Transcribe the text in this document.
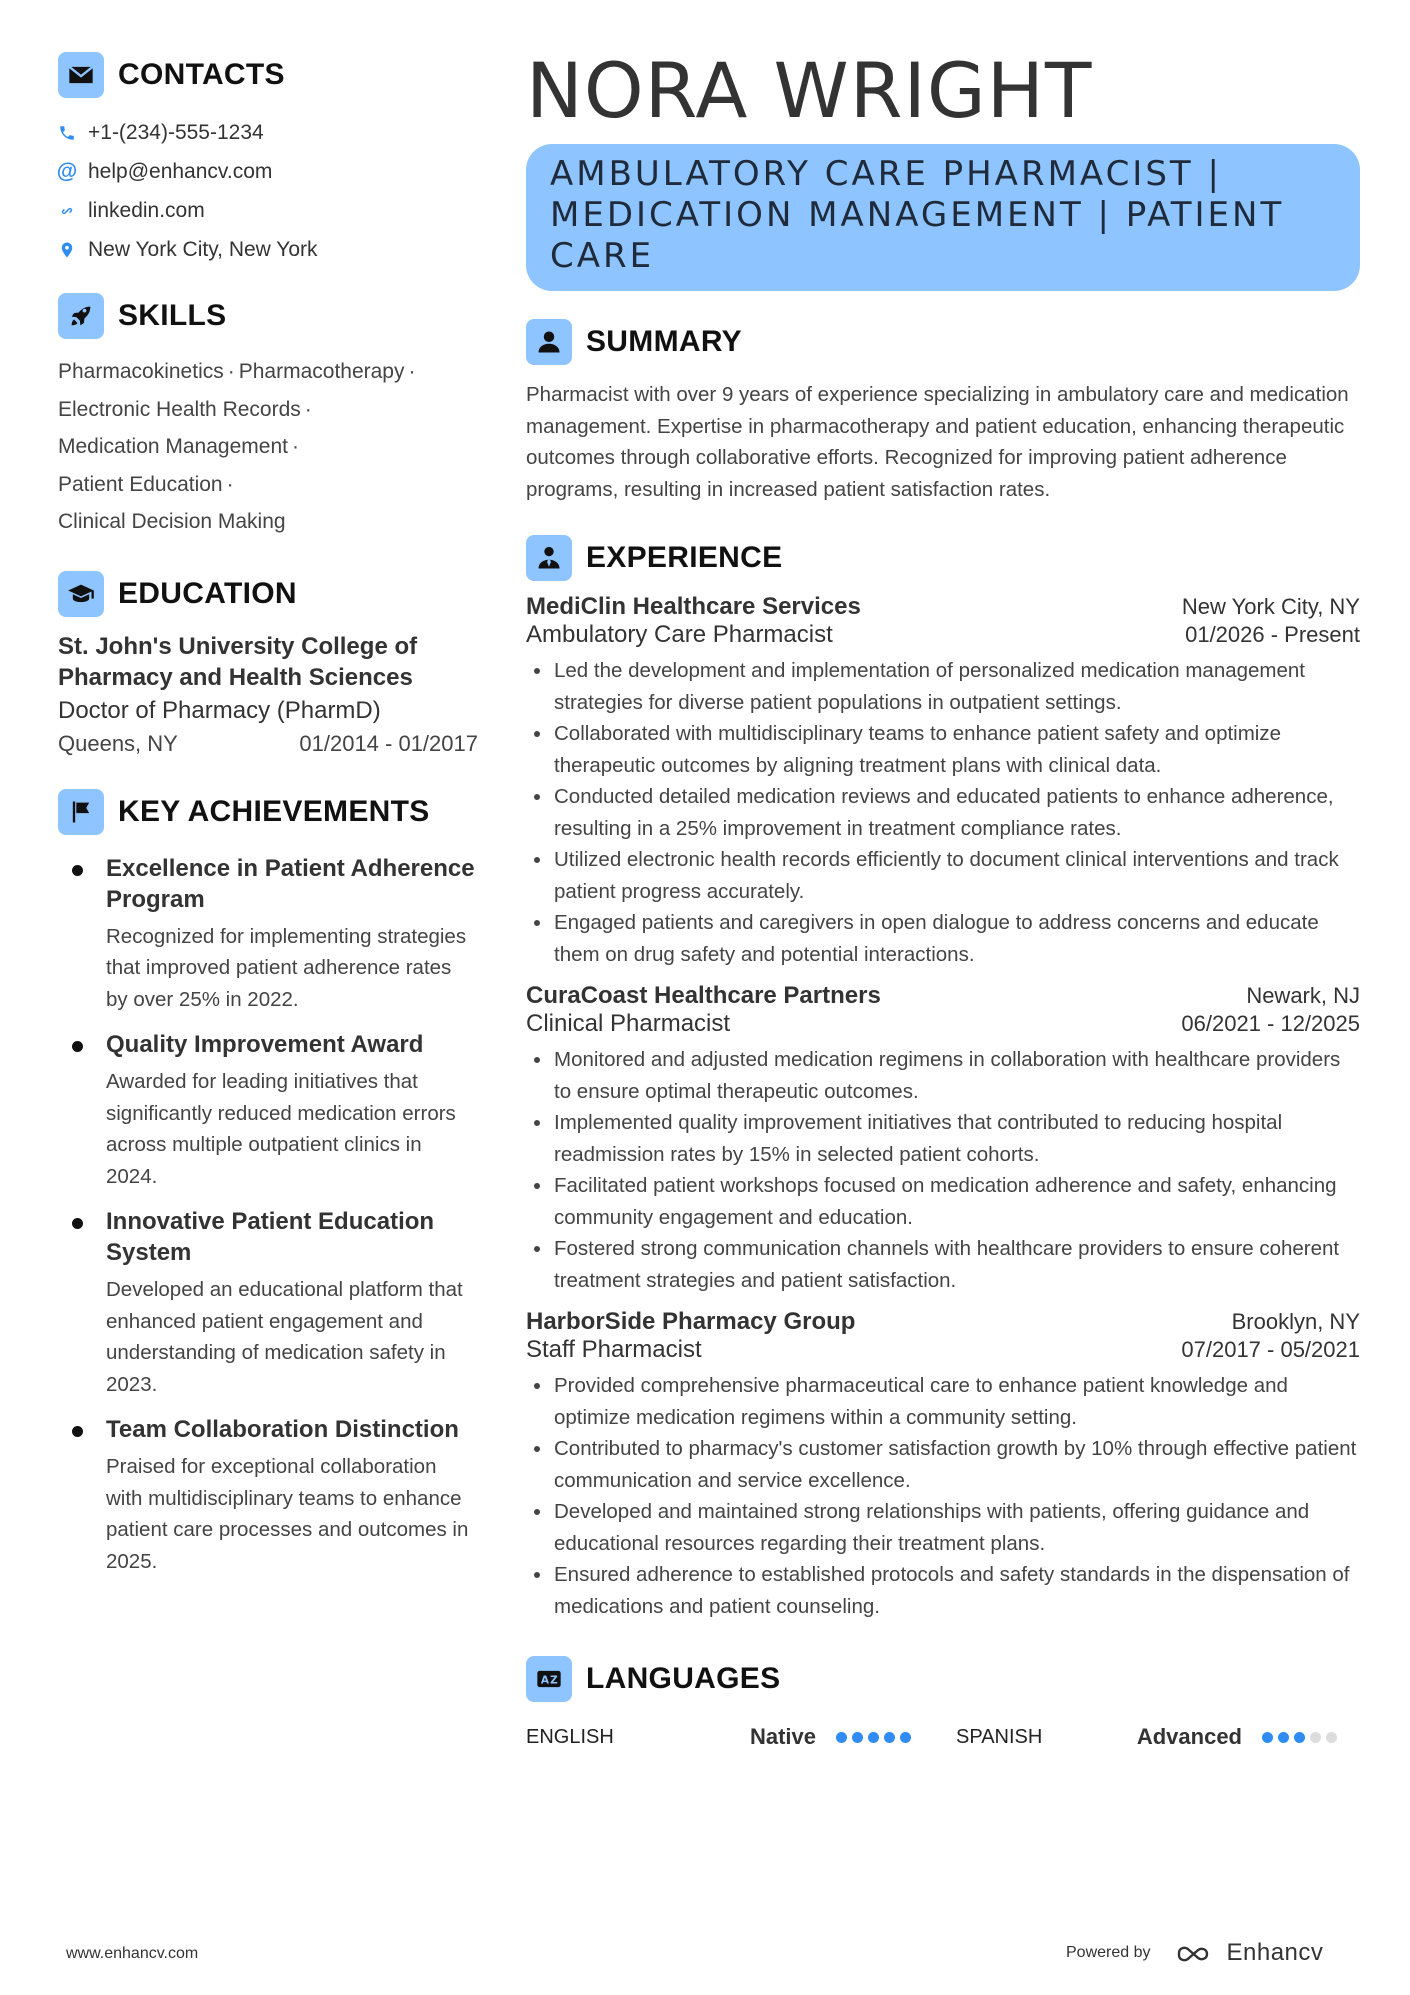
CONTACTS
+1-(234)-555-1234
@ help@enhancv.com
linkedin.com
New York City, New York
SKILLS
Pharmacokinetics · Pharmacotherapy ·
Electronic Health Records ·
Medication Management ·
Patient Education ·
Clinical Decision Making
EDUCATION
St. John's University College of Pharmacy and Health Sciences
Doctor of Pharmacy (PharmD)
Queens, NY	01/2014 - 01/2017
KEY ACHIEVEMENTS
Excellence in Patient Adherence Program
Recognized for implementing strategies that improved patient adherence rates by over 25% in 2022.
Quality Improvement Award
Awarded for leading initiatives that significantly reduced medication errors across multiple outpatient clinics in 2024.
Innovative Patient Education System
Developed an educational platform that enhanced patient engagement and understanding of medication safety in 2023.
Team Collaboration Distinction
Praised for exceptional collaboration with multidisciplinary teams to enhance patient care processes and outcomes in 2025.
NORA WRIGHT
AMBULATORY CARE PHARMACIST |
MEDICATION MANAGEMENT | PATIENT
CARE
SUMMARY
Pharmacist with over 9 years of experience specializing in ambulatory care and medication management. Expertise in pharmacotherapy and patient education, enhancing therapeutic outcomes through collaborative efforts. Recognized for improving patient adherence programs, resulting in increased patient satisfaction rates.
EXPERIENCE
MediClin Healthcare Services	New York City, NY
Ambulatory Care Pharmacist	01/2026 - Present
Led the development and implementation of personalized medication management strategies for diverse patient populations in outpatient settings.
Collaborated with multidisciplinary teams to enhance patient safety and optimize therapeutic outcomes by aligning treatment plans with clinical data.
Conducted detailed medication reviews and educated patients to enhance adherence, resulting in a 25% improvement in treatment compliance rates.
Utilized electronic health records efficiently to document clinical interventions and track patient progress accurately.
Engaged patients and caregivers in open dialogue to address concerns and educate them on drug safety and potential interactions.
CuraCoast Healthcare Partners	Newark, NJ
Clinical Pharmacist	06/2021 - 12/2025
Monitored and adjusted medication regimens in collaboration with healthcare providers to ensure optimal therapeutic outcomes.
Implemented quality improvement initiatives that contributed to reducing hospital readmission rates by 15% in selected patient cohorts.
Facilitated patient workshops focused on medication adherence and safety, enhancing community engagement and education.
Fostered strong communication channels with healthcare providers to ensure coherent treatment strategies and patient satisfaction.
HarborSide Pharmacy Group	Brooklyn, NY
Staff Pharmacist	07/2017 - 05/2021
Provided comprehensive pharmaceutical care to enhance patient knowledge and optimize medication regimens within a community setting.
Contributed to pharmacy's customer satisfaction growth by 10% through effective patient communication and service excellence.
Developed and maintained strong relationships with patients, offering guidance and educational resources regarding their treatment plans.
Ensured adherence to established protocols and safety standards in the dispensation of medications and patient counseling.
A Z LANGUAGES
ENGLISH	Native	SPANISH	Advanced
www.enhancv.com	Powered by	Enhancv
